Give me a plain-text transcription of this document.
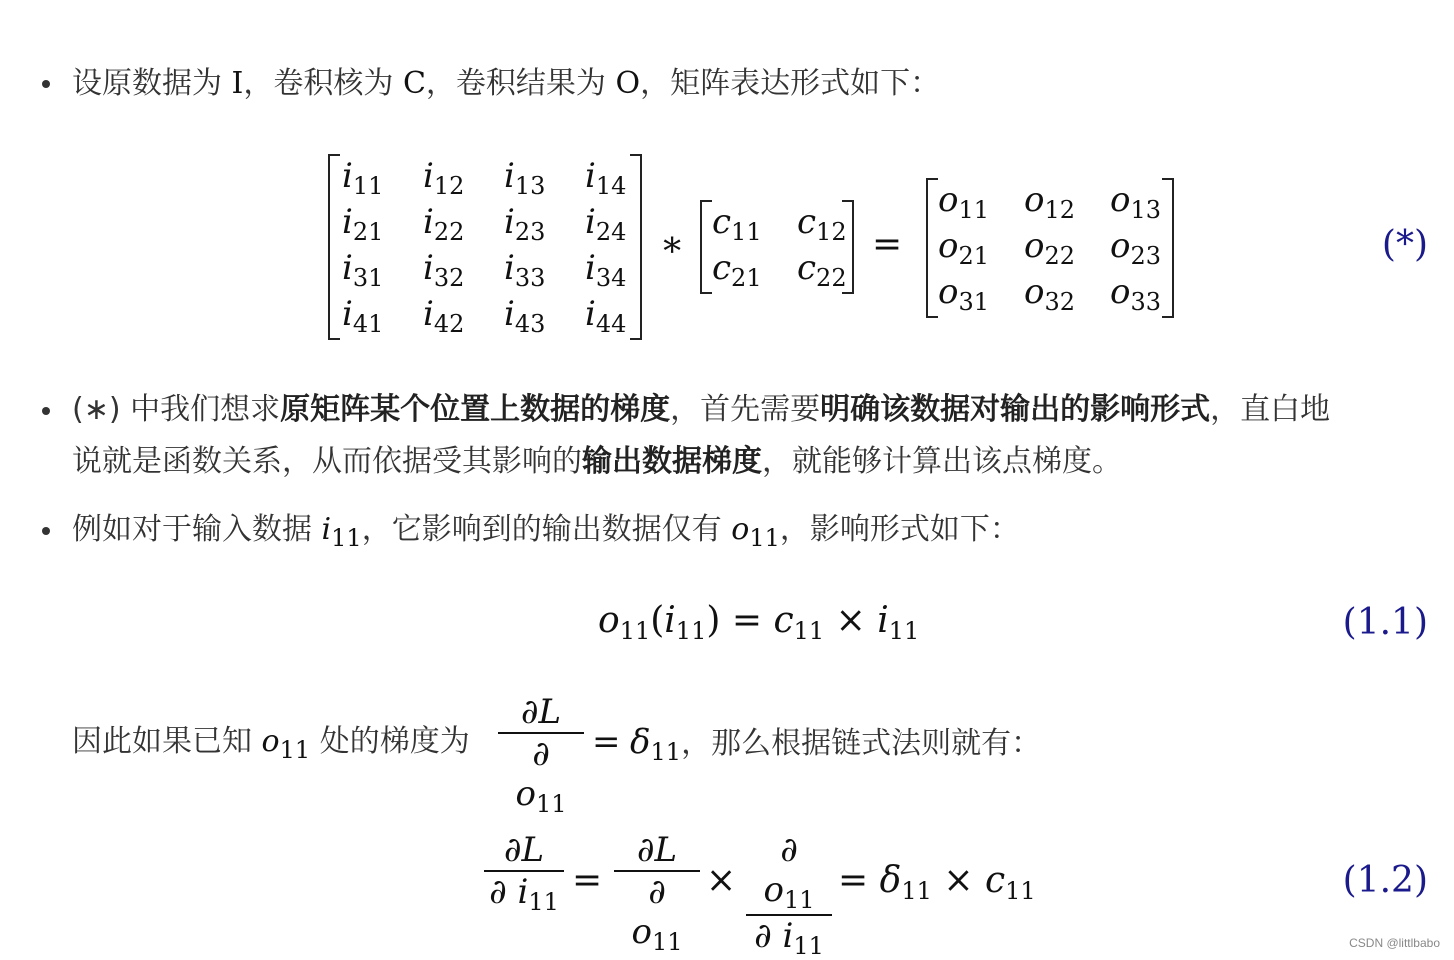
设原数据为 I，卷积核为 C，卷积结果为 O，矩阵表达形式如下：
$i_{11}$ $i_{12}$ $i_{13}$ $i_{14}$
$i_{21}$ $i_{22}$ $i_{23}$ $i_{24}$
$i_{31}$ $i_{32}$ $i_{33}$ $i_{34}$
$i_{41}$ $i_{42}$ $i_{43}$ $i_{44}$
∗
$c_{11}$ $c_{12}$
$c_{21}$ $c_{22}$
=
$o_{11}$ $o_{12}$ $o_{13}$
$o_{21}$ $o_{22}$ $o_{23}$
$o_{31}$ $o_{32}$ $o_{33}$
(*)
(∗) 中我们想求原矩阵某个位置上数据的梯度，首先需要明确该数据对输出的影响形式，直白地
说就是函数关系，从而依据受其影响的输出数据梯度，就能够计算出该点梯度。
例如对于输入数据 $i_{11}$，它影响到的输出数据仅有 $o_{11}$，影响形式如下：
$o_{11}(i_{11}) = c_{11} \times i_{11}$	(1.1)
因此如果已知 $o_{11}$ 处的梯度为
∂L
∂ $o_{11}$
= $\delta_{11}$，那么根据链式法则就有：
∂L
∂ $i_{11}$
=
∂L
∂ $o_{11}$
×
∂ $o_{11}$
∂ $i_{11}$
= $\delta_{11} \times c_{11}$	(1.2)
CSDN @littlbabo
